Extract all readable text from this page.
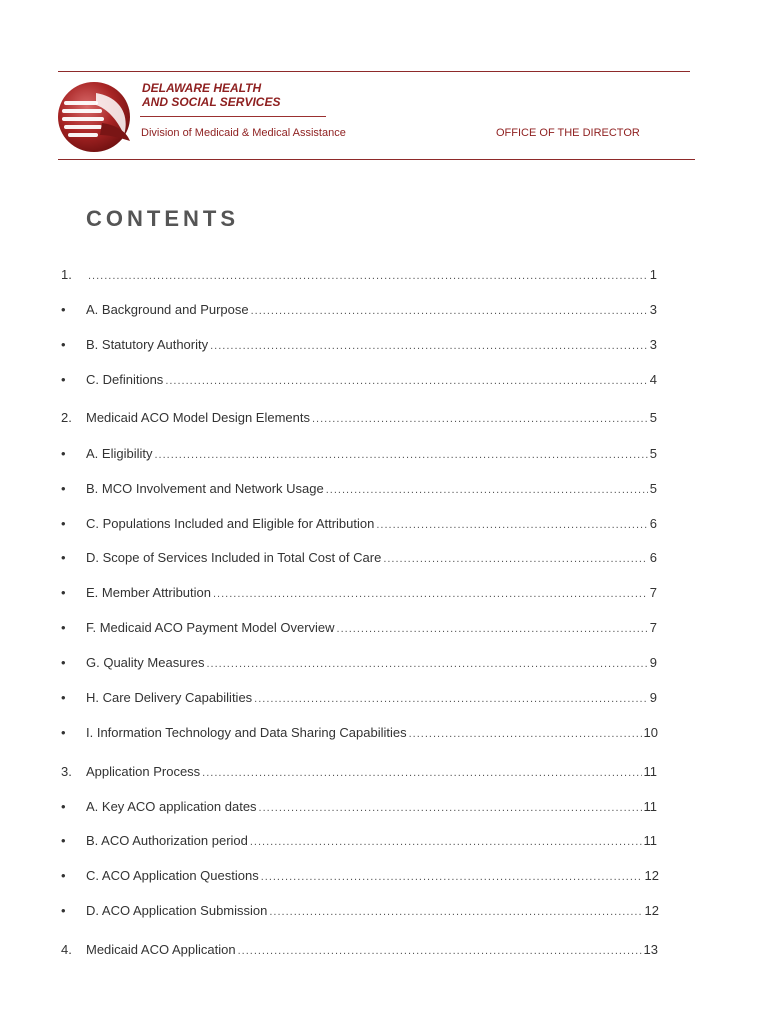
DELAWARE HEALTH
AND SOCIAL SERVICES
Division of Medicaid & Medical Assistance	OFFICE OF THE DIRECTOR
CONTENTS
1. .....	1
• A. Background and Purpose .....	3
• B. Statutory Authority .....	3
• C. Definitions .....	4
2. Medicaid ACO Model Design Elements .....	5
• A. Eligibility .....	5
• B. MCO Involvement and Network Usage .....	5
• C. Populations Included and Eligible for Attribution .....	6
• D. Scope of Services Included in Total Cost of Care .....	6
• E. Member Attribution .....	7
• F. Medicaid ACO Payment Model Overview .....	7
• G. Quality Measures .....	9
• H. Care Delivery Capabilities .....	9
• I. Information Technology and Data Sharing Capabilities .....	10
3. Application Process .....	11
• A. Key ACO application dates .....	11
• B. ACO Authorization period .....	11
• C. ACO Application Questions .....	12
• D. ACO Application Submission .....	12
4. Medicaid ACO Application .....	13
